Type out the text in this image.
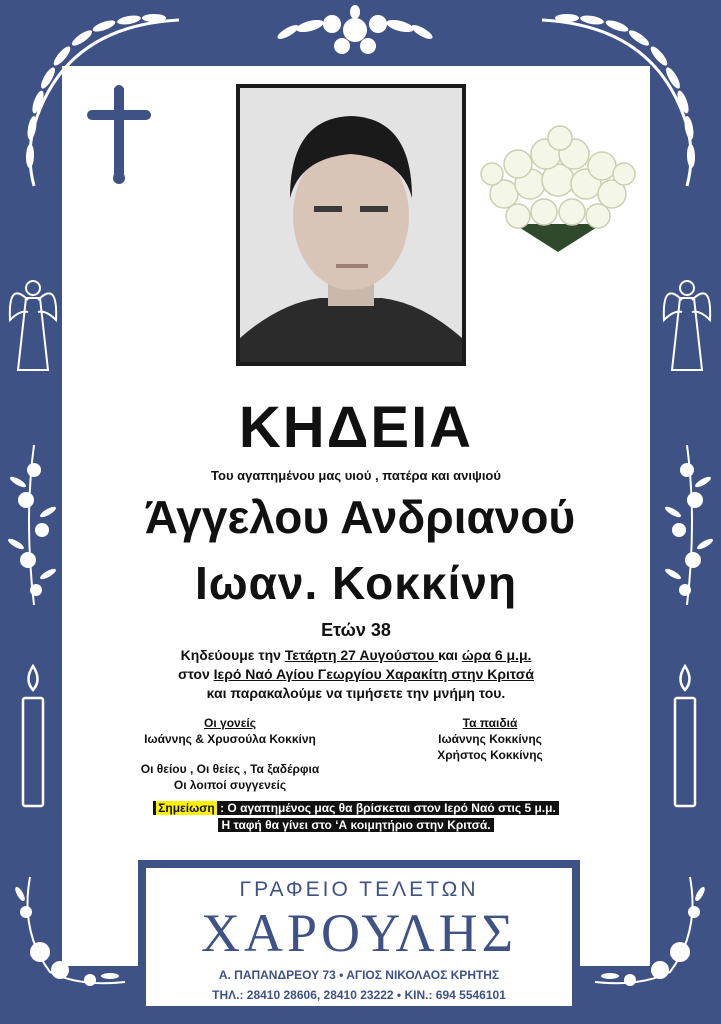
ΚΗΔΕΙΑ
Του αγαπημένου μας υιού , πατέρα και ανιψιού
Άγγελου Ανδριανού
Ιωαν. Κοκκίνη
Ετών 38
Κηδεύουμε την Τετάρτη 27 Αυγούστου και ώρα 6 μ.μ.
στον Ιερό Ναό Αγίου Γεωργίου Χαρακίτη στην Κριτσά
και παρακαλούμε να τιμήσετε την μνήμη του.
Οι γονείς
Ιωάννης & Χρυσούλα Κοκκίνη
Οι θείου , Οι θείες , Τα ξαδέρφια
Οι λοιποί συγγενείς
Τα παιδιά
Ιωάννης Κοκκίνης
Χρήστος Κοκκίνης
Σημείωση : Ο αγαπημένος μας θα βρίσκεται στον Ιερό Ναό στις 5 μ.μ.
Η ταφή θα γίνει στο ‘Α κοιμητήριο στην Κριτσά.
ΓΡΑΦΕΙΟ ΤΕΛΕΤΩΝ
ΧΑΡΟΥΛΗΣ
Α. ΠΑΠΑΝΔΡΕΟΥ 73 • ΑΓΙΟΣ ΝΙΚΟΛΑΟΣ ΚΡΗΤΗΣ
ΤΗΛ.: 28410 28606, 28410 23222 • ΚΙΝ.: 694 5546101
